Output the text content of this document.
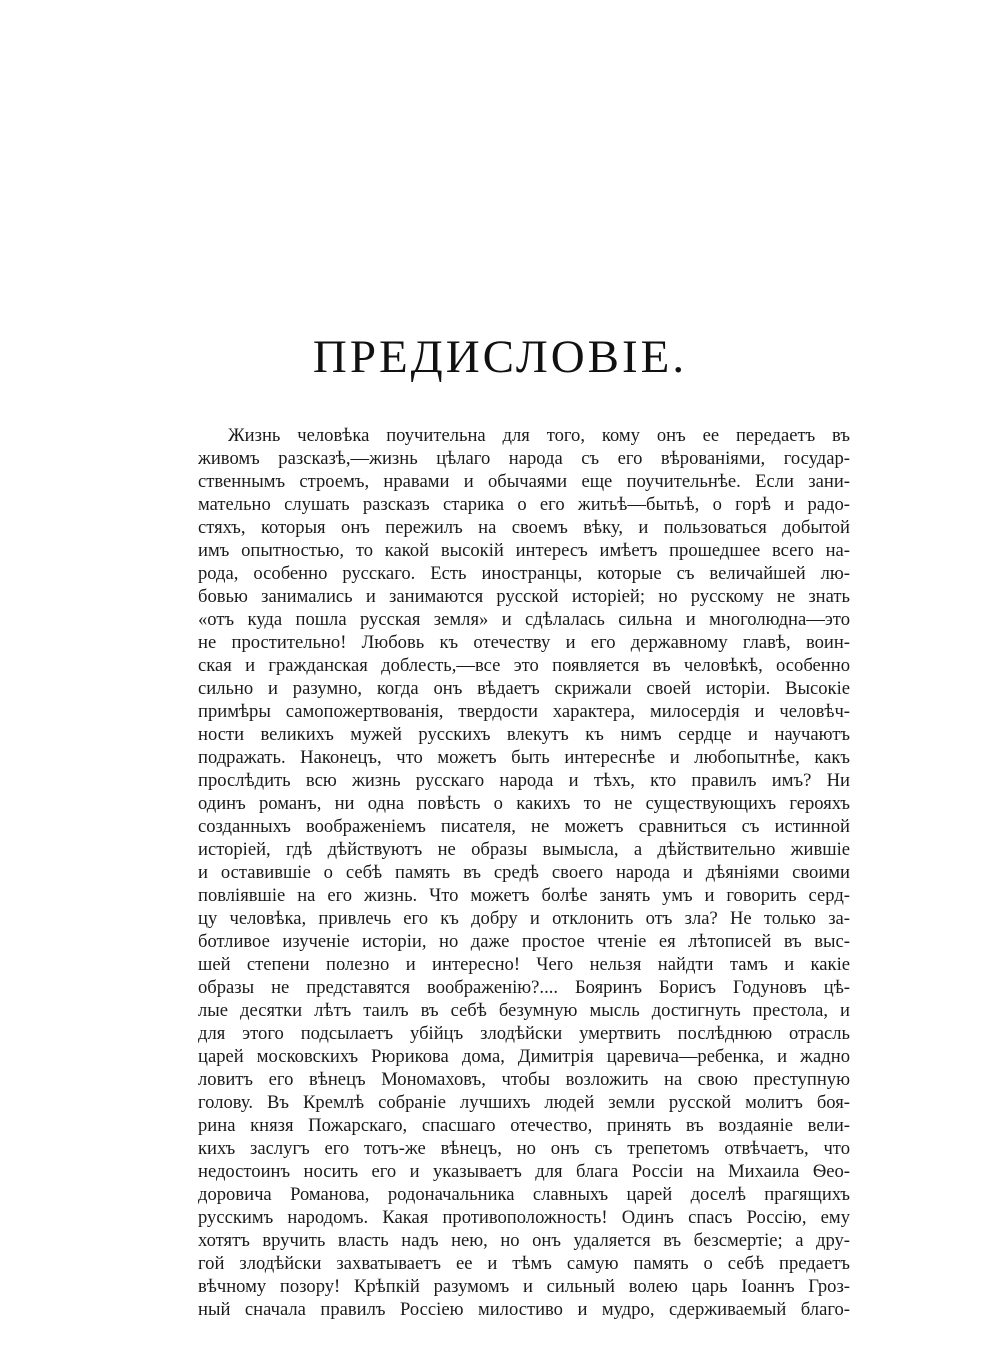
ПРЕДИСЛОВІЕ.
Жизнь человѣка поучительна для того, кому онъ ее передаетъ въ
живомъ разсказѣ,—жизнь цѣлаго народа съ его вѣрованіями, государ-
ственнымъ строемъ, нравами и обычаями еще поучительнѣе. Если зани-
мательно слушать разсказъ старика о его житьѣ—бытьѣ, о горѣ и радо-
стяхъ, которыя онъ пережилъ на своемъ вѣку, и пользоваться добытой
имъ опытностью, то какой высокій интересъ имѣетъ прошедшее всего на-
рода, особенно русскаго. Есть иностранцы, которые съ величайшей лю-
бовью занимались и занимаются русской исторіей; но русскому не знать
«отъ куда пошла русская земля» и сдѣлалась сильна и многолюдна—это
не простительно! Любовь къ отечеству и его державному главѣ, воин-
ская и гражданская доблесть,—все это появляется въ человѣкѣ, особенно
сильно и разумно, когда онъ вѣдаетъ скрижали своей исторіи. Высокіе
примѣры самопожертвованія, твердости характера, милосердія и человѣч-
ности великихъ мужей русскихъ влекутъ къ нимъ сердце и научаютъ
подражать. Наконецъ, что можетъ быть интереснѣе и любопытнѣе, какъ
прослѣдить всю жизнь русскаго народа и тѣхъ, кто правилъ имъ? Ни
одинъ романъ, ни одна повѣсть о какихъ то не существующихъ герояхъ
созданныхъ воображеніемъ писателя, не можетъ сравниться съ истинной
исторіей, гдѣ дѣйствуютъ не образы вымысла, а дѣйствительно жившіе
и оставившіе о себѣ память въ средѣ своего народа и дѣяніями своими
повліявшіе на его жизнь. Что можетъ болѣе занять умъ и говорить серд-
цу человѣка, привлечь его къ добру и отклонить отъ зла? Не только за-
ботливое изученіе исторіи, но даже простое чтеніе ея лѣтописей въ выс-
шей степени полезно и интересно! Чего нельзя найдти тамъ и какіе
образы не представятся воображенію?.... Бояринъ Борисъ Годуновъ цѣ-
лые десятки лѣтъ таилъ въ себѣ безумную мысль достигнуть престола, и
для этого подсылаетъ убійцъ злодѣйски умертвить послѣднюю отрасль
царей московскихъ Рюрикова дома, Димитрія царевича—ребенка, и жадно
ловитъ его вѣнецъ Мономаховъ, чтобы возложить на свою преступную
голову. Въ Кремлѣ собраніе лучшихъ людей земли русской молитъ боя-
рина князя Пожарскаго, спасшаго отечество, принять въ воздаяніе вели-
кихъ заслугъ его тотъ-же вѣнецъ, но онъ съ трепетомъ отвѣчаетъ, что
недостоинъ носить его и указываетъ для блага Россіи на Михаила Ѳео-
доровича Романова, родоначальника славныхъ царей доселѣ прагящихъ
русскимъ народомъ. Какая противоположность! Одинъ спасъ Россію, ему
хотятъ вручить власть надъ нею, но онъ удаляется въ безсмертіе; а дру-
гой злодѣйски захватываетъ ее и тѣмъ самую память о себѣ предаетъ
вѣчному позору! Крѣпкій разумомъ и сильный волею царь Іоаннъ Гроз-
ный сначала правилъ Россіею милостиво и мудро, сдерживаемый благо-
